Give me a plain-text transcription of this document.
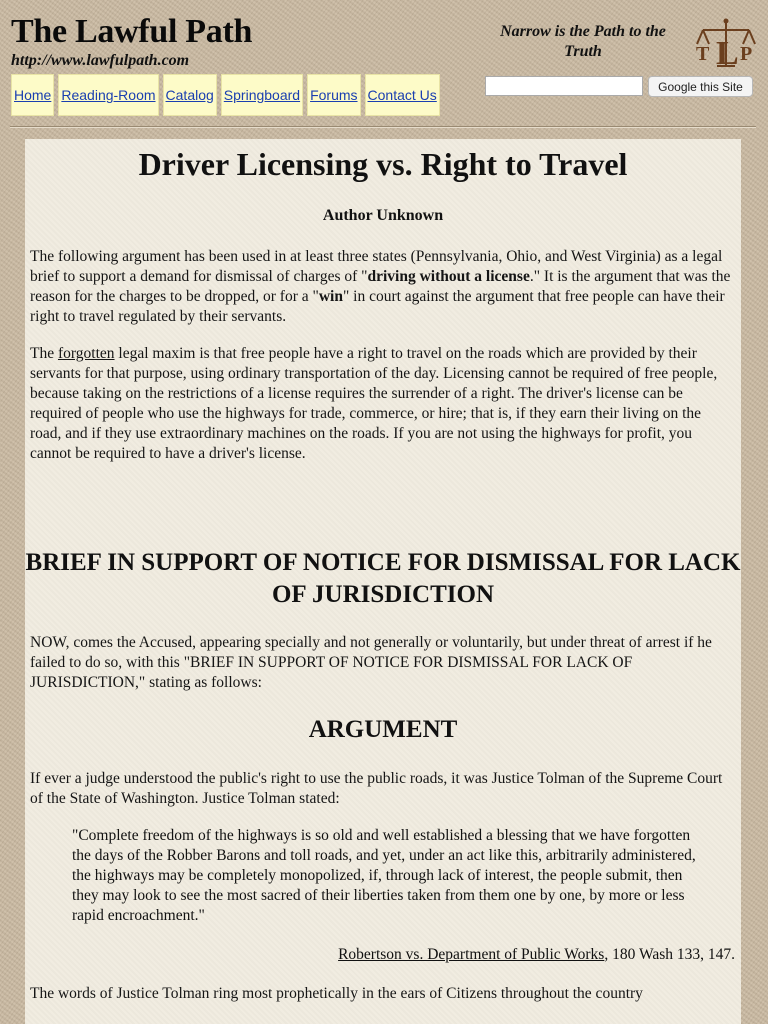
The Lawful Path
http://www.lawfulpath.com
Home Reading-Room Catalog Springboard Forums Contact Us
Narrow is the Path to the Truth	T L P
Google this Site
Driver Licensing vs. Right to Travel
Author Unknown

The following argument has been used in at least three states (Pennsylvania, Ohio, and West Virginia) as a legal brief to support a demand for dismissal of charges of "driving without a license." It is the argument that was the reason for the charges to be dropped, or for a "win" in court against the argument that free people can have their right to travel regulated by their servants.

The forgotten legal maxim is that free people have a right to travel on the roads which are provided by their servants for that purpose, using ordinary transportation of the day. Licensing cannot be required of free people, because taking on the restrictions of a license requires the surrender of a right. The driver's license can be required of people who use the highways for trade, commerce, or hire; that is, if they earn their living on the road, and if they use extraordinary machines on the roads. If you are not using the highways for profit, you cannot be required to have a driver's license.

BRIEF IN SUPPORT OF NOTICE FOR DISMISSAL FOR LACK OF JURISDICTION

NOW, comes the Accused, appearing specially and not generally or voluntarily, but under threat of arrest if he failed to do so, with this "BRIEF IN SUPPORT OF NOTICE FOR DISMISSAL FOR LACK OF JURISDICTION," stating as follows:

ARGUMENT

If ever a judge understood the public's right to use the public roads, it was Justice Tolman of the Supreme Court of the State of Washington. Justice Tolman stated:

"Complete freedom of the highways is so old and well established a blessing that we have forgotten the days of the Robber Barons and toll roads, and yet, under an act like this, arbitrarily administered, the highways may be completely monopolized, if, through lack of interest, the people submit, then they may look to see the most sacred of their liberties taken from them one by one, by more or less rapid encroachment."
Robertson vs. Department of Public Works, 180 Wash 133, 147.

The words of Justice Tolman ring most prophetically in the ears of Citizens throughout the country
